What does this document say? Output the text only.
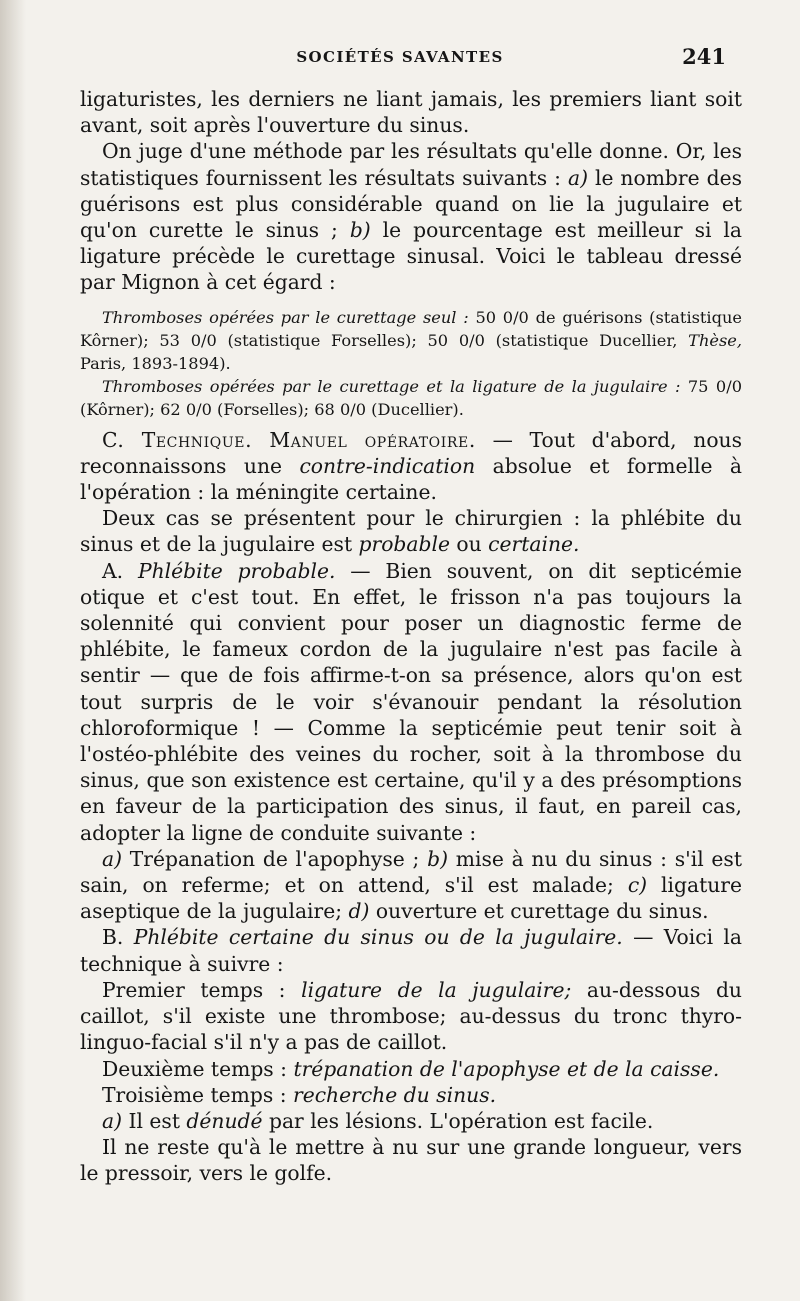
SOCIÉTÉS SAVANTES	241

ligaturistes, les derniers ne liant jamais, les premiers liant soit avant, soit après l'ouverture du sinus.

On juge d'une méthode par les résultats qu'elle donne. Or, les statistiques fournissent les résultats suivants : a) le nombre des guérisons est plus considérable quand on lie la jugulaire et qu'on curette le sinus ; b) le pourcentage est meilleur si la ligature précède le curettage sinusal. Voici le tableau dressé par Mignon à cet égard :

Thromboses opérées par le curettage seul : 50 0/0 de guérisons (statistique Kôrner); 53 0/0 (statistique Forselles); 50 0/0 (statistique Ducellier, Thèse, Paris, 1893-1894).
Thromboses opérées par le curettage et la ligature de la jugulaire : 75 0/0 (Kôrner); 62 0/0 (Forselles); 68 0/0 (Ducellier).

C. Technique. Manuel opératoire. — Tout d'abord, nous reconnaissons une contre-indication absolue et formelle à l'opération : la méningite certaine.

Deux cas se présentent pour le chirurgien : la phlébite du sinus et de la jugulaire est probable ou certaine.

A. Phlébite probable. — Bien souvent, on dit septicémie otique et c'est tout. En effet, le frisson n'a pas toujours la solennité qui convient pour poser un diagnostic ferme de phlébite, le fameux cordon de la jugulaire n'est pas facile à sentir — que de fois affirme-t-on sa présence, alors qu'on est tout surpris de le voir s'évanouir pendant la résolution chloroformique ! — Comme la septicémie peut tenir soit à l'ostéo-phlébite des veines du rocher, soit à la thrombose du sinus, que son existence est certaine, qu'il y a des présomptions en faveur de la participation des sinus, il faut, en pareil cas, adopter la ligne de conduite suivante :

a) Trépanation de l'apophyse ; b) mise à nu du sinus : s'il est sain, on referme; et on attend, s'il est malade; c) ligature aseptique de la jugulaire; d) ouverture et curettage du sinus.

B. Phlébite certaine du sinus ou de la jugulaire. — Voici la technique à suivre :

Premier temps : ligature de la jugulaire; au-dessous du caillot, s'il existe une thrombose; au-dessus du tronc thyro-linguo-facial s'il n'y a pas de caillot.

Deuxième temps : trépanation de l'apophyse et de la caisse.

Troisième temps : recherche du sinus.

a) Il est dénudé par les lésions. L'opération est facile.

Il ne reste qu'à le mettre à nu sur une grande longueur, vers le pressoir, vers le golfe.
